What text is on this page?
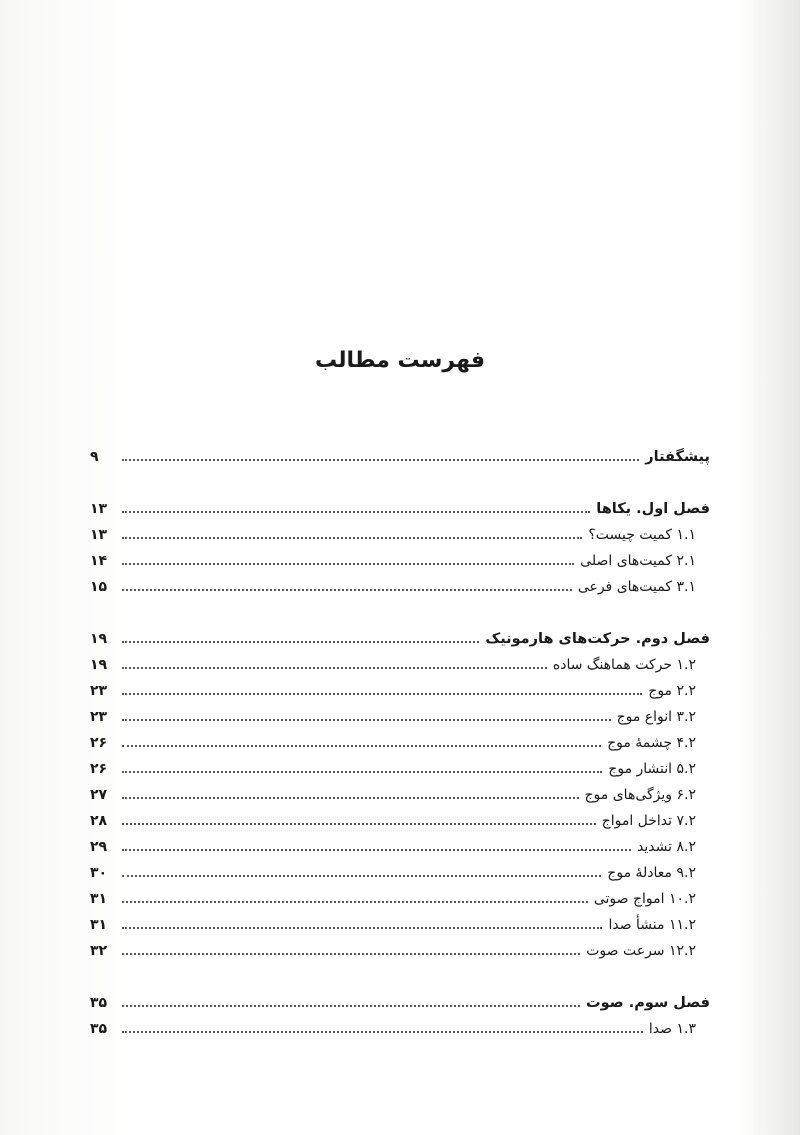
فهرست مطالب
پیشگفتار
۹
فصل اول. یکاها
۱۳
۱.۱ کمیت چیست؟
۱۳
۲.۱ کمیت‌های اصلی
۱۴
۳.۱ کمیت‌های فرعی
۱۵
فصل دوم. حرکت‌های هارمونیک
۱۹
۱.۲ حرکت هماهنگ ساده
۱۹
۲.۲ موج
۲۳
۳.۲ انواع موج
۲۳
۴.۲ چشمهٔ موج
۲۶
۵.۲ انتشار موج
۲۶
۶.۲ ویژگی‌های موج
۲۷
۷.۲ تداخل امواج
۲۸
۸.۲ تشدید
۲۹
۹.۲ معادلهٔ موج
۳۰
۱۰.۲ امواج صوتی
۳۱
۱۱.۲ منشأ صدا
۳۱
۱۲.۲ سرعت صوت
۳۲
فصل سوم. صوت
۳۵
۱.۳ صدا
۳۵
